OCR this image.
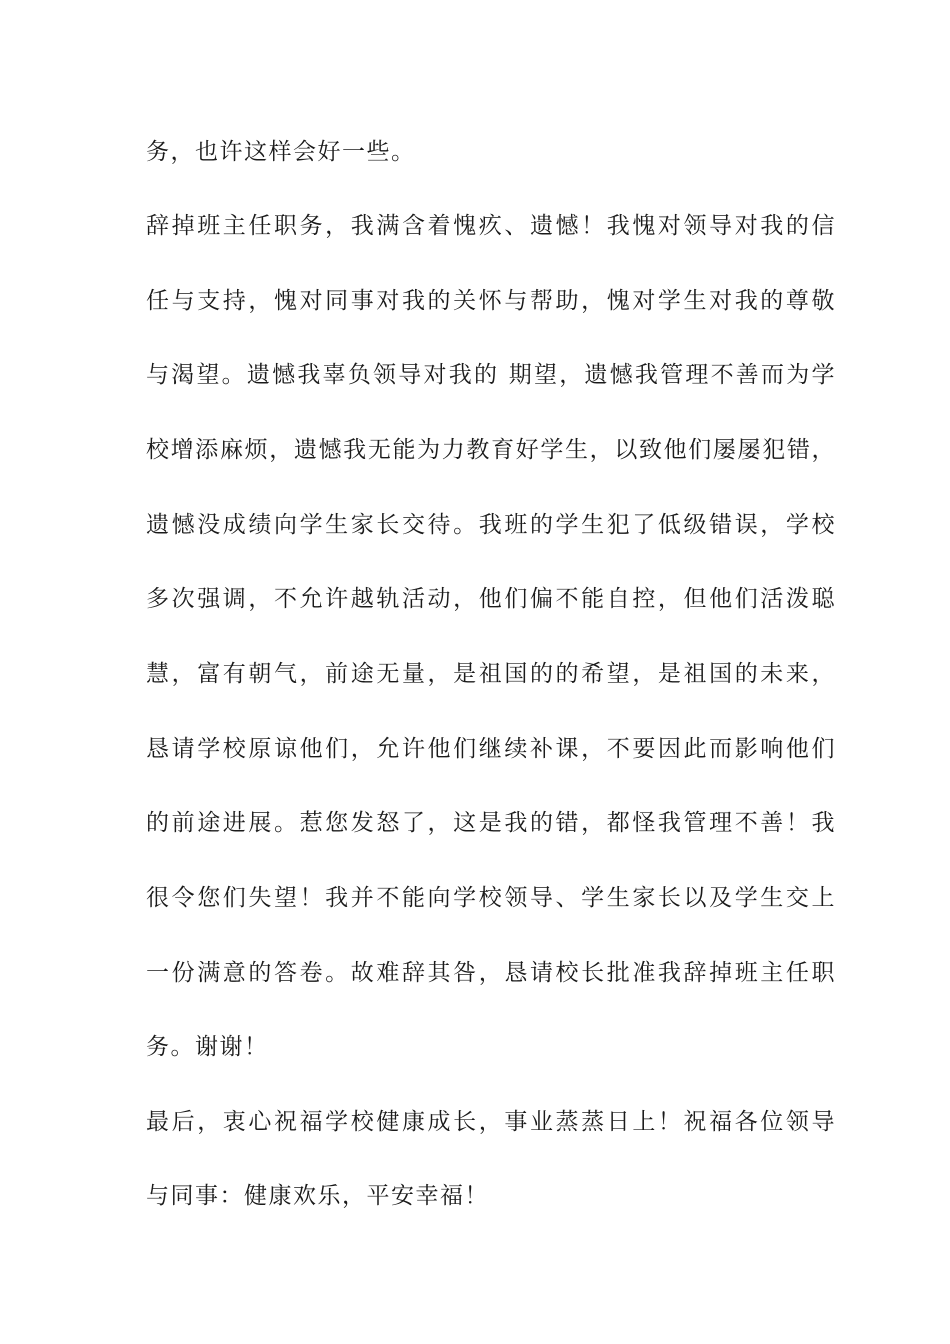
务，也许这样会好一些。
辞掉班主任职务，我满含着愧疚、遗憾！我愧对领导对我的信
任与支持，愧对同事对我的关怀与帮助，愧对学生对我的尊敬
与渴望。遗憾我辜负领导对我的 期望，遗憾我管理不善而为学
校增添麻烦，遗憾我无能为力教育好学生，以致他们屡屡犯错，
遗憾没成绩向学生家长交待。我班的学生犯了低级错误，学校
多次强调，不允许越轨活动，他们偏不能自控，但他们活泼聪
慧，富有朝气，前途无量，是祖国的的希望，是祖国的未来，
恳请学校原谅他们，允许他们继续补课，不要因此而影响他们
的前途进展。惹您发怒了，这是我的错，都怪我管理不善！我
很令您们失望！我并不能向学校领导、学生家长以及学生交上
一份满意的答卷。故难辞其咎，恳请校长批准我辞掉班主任职
务。谢谢！
最后，衷心祝福学校健康成长，事业蒸蒸日上！祝福各位领导
与同事：健康欢乐，平安幸福！
